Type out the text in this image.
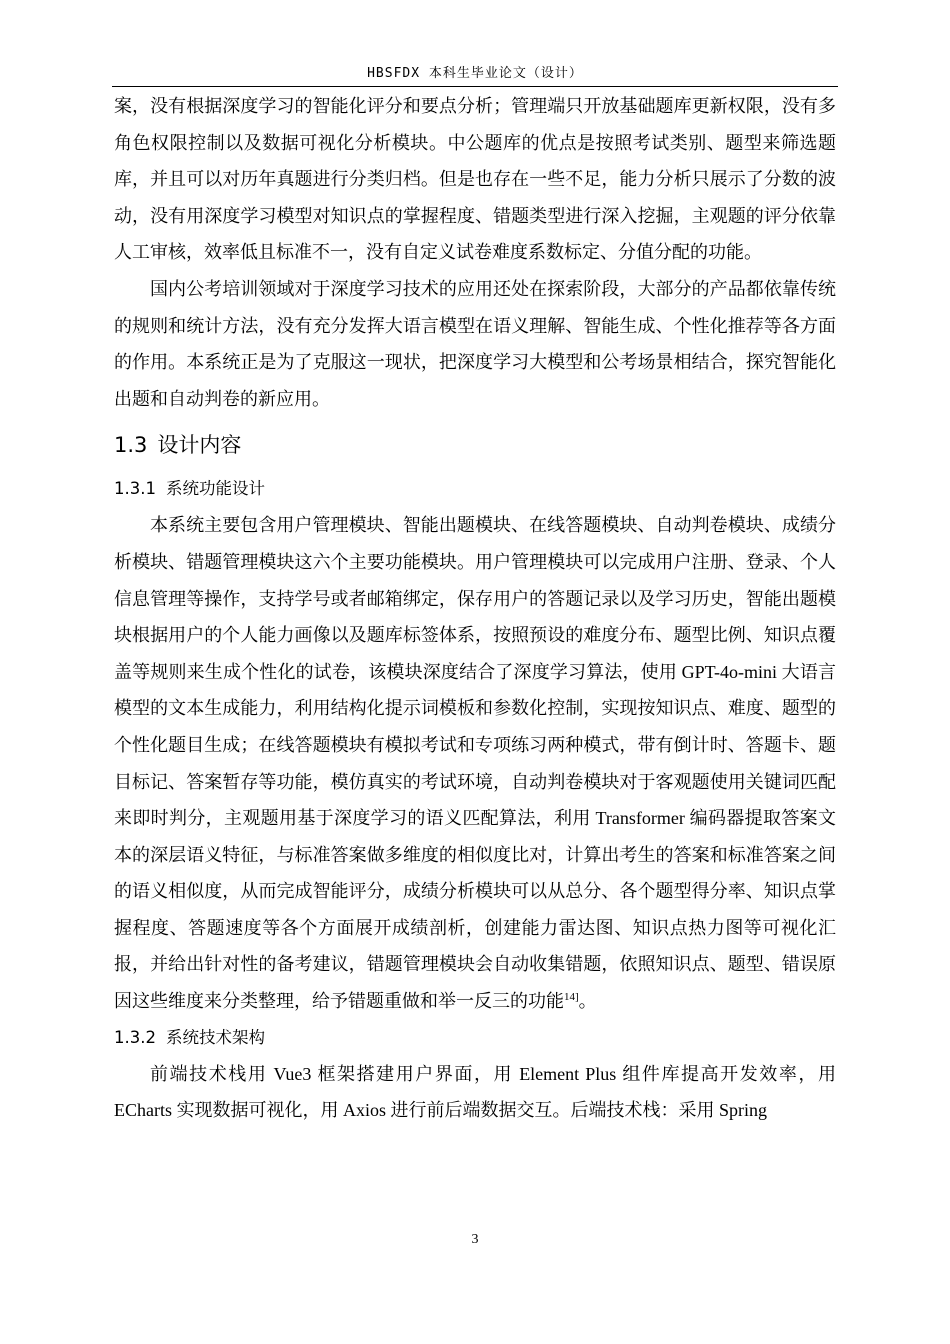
HBSFDX 本科生毕业论文（设计）

案，没有根据深度学习的智能化评分和要点分析；管理端只开放基础题库更新权限，没有多角色权限控制以及数据可视化分析模块。中公题库的优点是按照考试类别、题型来筛选题库，并且可以对历年真题进行分类归档。但是也存在一些不足，能力分析只展示了分数的波动，没有用深度学习模型对知识点的掌握程度、错题类型进行深入挖掘，主观题的评分依靠人工审核，效率低且标准不一，没有自定义试卷难度系数标定、分值分配的功能。

国内公考培训领域对于深度学习技术的应用还处在探索阶段，大部分的产品都依靠传统的规则和统计方法，没有充分发挥大语言模型在语义理解、智能生成、个性化推荐等各方面的作用。本系统正是为了克服这一现状，把深度学习大模型和公考场景相结合，探究智能化出题和自动判卷的新应用。

1.3 设计内容
1.3.1 系统功能设计

本系统主要包含用户管理模块、智能出题模块、在线答题模块、自动判卷模块、成绩分析模块、错题管理模块这六个主要功能模块。用户管理模块可以完成用户注册、登录、个人信息管理等操作，支持学号或者邮箱绑定，保存用户的答题记录以及学习历史，智能出题模块根据用户的个人能力画像以及题库标签体系，按照预设的难度分布、题型比例、知识点覆盖等规则来生成个性化的试卷，该模块深度结合了深度学习算法，使用 GPT-4o-mini 大语言模型的文本生成能力，利用结构化提示词模板和参数化控制，实现按知识点、难度、题型的个性化题目生成；在线答题模块有模拟考试和专项练习两种模式，带有倒计时、答题卡、题目标记、答案暂存等功能，模仿真实的考试环境，自动判卷模块对于客观题使用关键词匹配来即时判分，主观题用基于深度学习的语义匹配算法，利用 Transformer 编码器提取答案文本的深层语义特征，与标准答案做多维度的相似度比对，计算出考生的答案和标准答案之间的语义相似度，从而完成智能评分，成绩分析模块可以从总分、各个题型得分率、知识点掌握程度、答题速度等各个方面展开成绩剖析，创建能力雷达图、知识点热力图等可视化汇报，并给出针对性的备考建议，错题管理模块会自动收集错题，依照知识点、题型、错误原因这些维度来分类整理，给予错题重做和举一反三的功能$^{14]}$。

1.3.2 系统技术架构

前端技术栈用 Vue3 框架搭建用户界面，用 Element Plus 组件库提高开发效率，用 ECharts 实现数据可视化，用 Axios 进行前后端数据交互。后端技术栈：采用 Spring

3
